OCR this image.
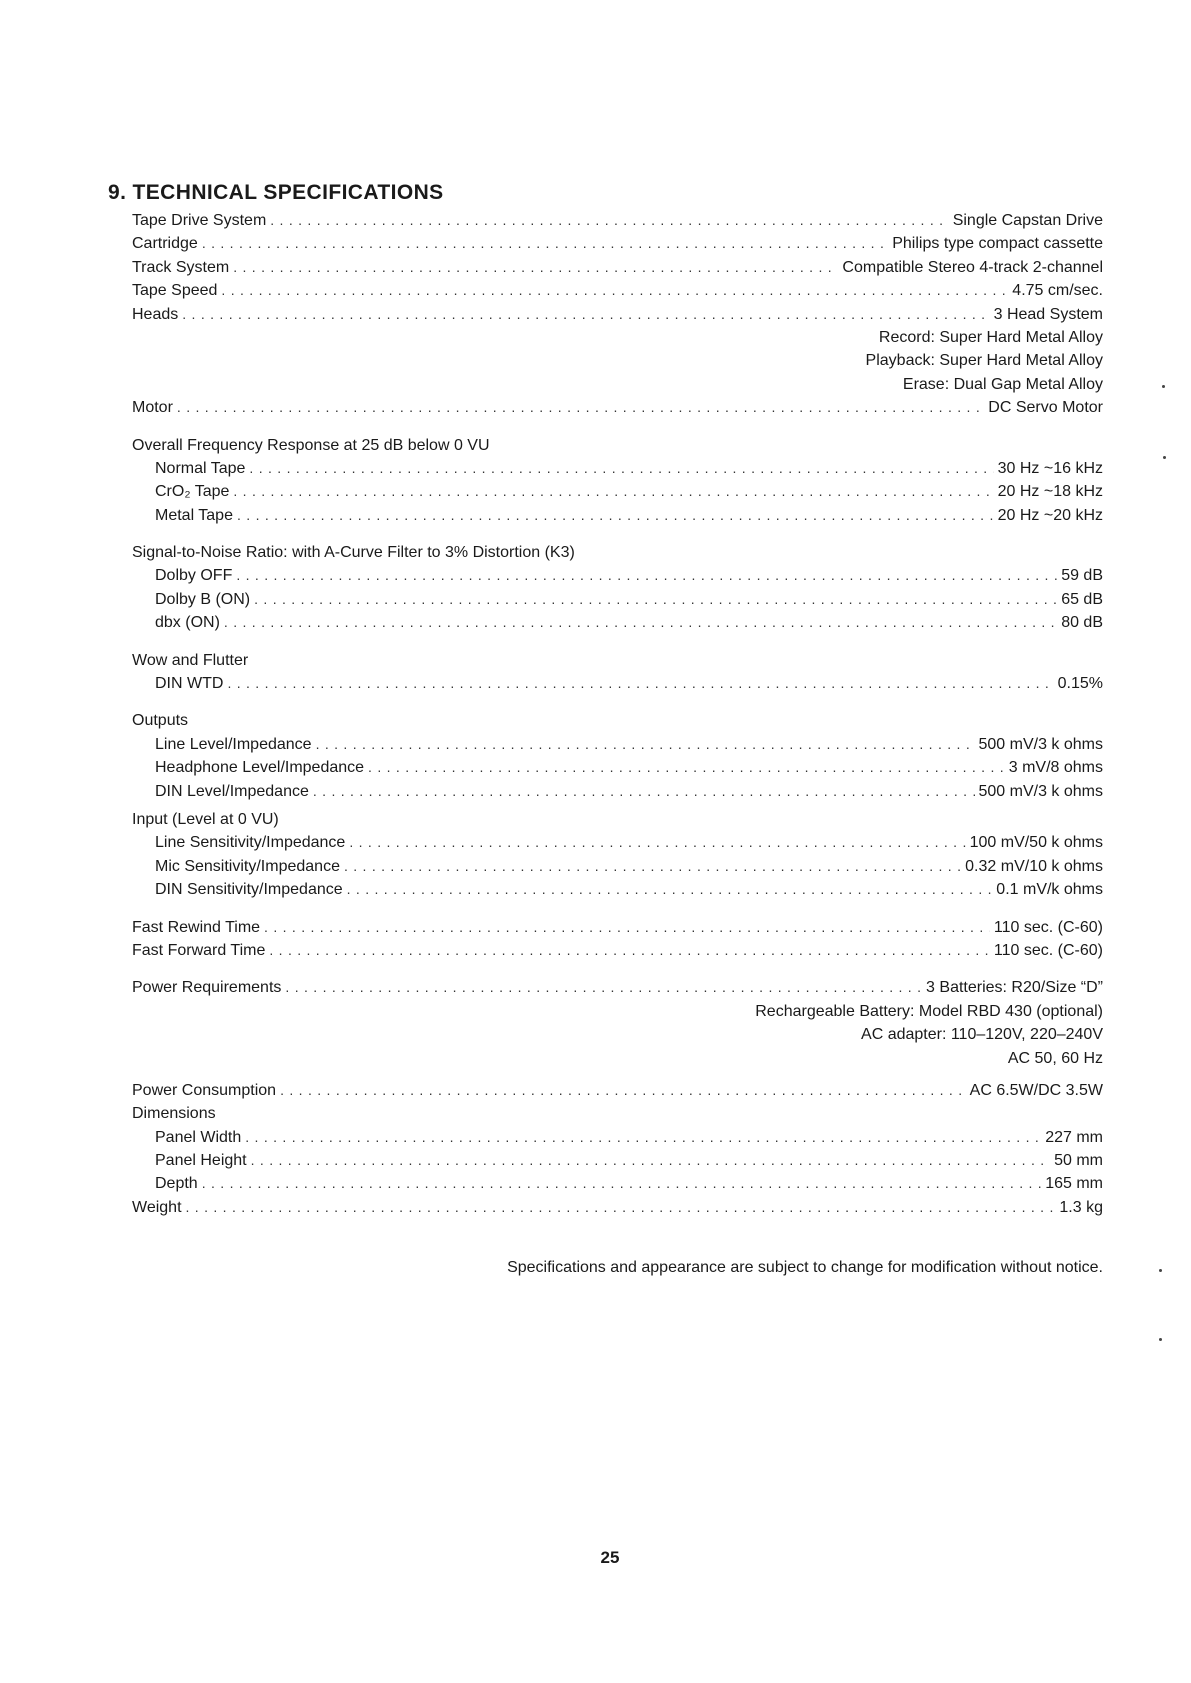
9. TECHNICAL SPECIFICATIONS
Tape Drive System .....	Single Capstan Drive
Cartridge .....	Philips type compact cassette
Track System .....	Compatible Stereo 4-track 2-channel
Tape Speed .....	4.75 cm/sec.
Heads .....	3 Head System
Record: Super Hard Metal Alloy
Playback: Super Hard Metal Alloy
Erase: Dual Gap Metal Alloy
Motor .....	DC Servo Motor
Overall Frequency Response at 25 dB below 0 VU
Normal Tape .....	30 Hz ~16 kHz
CrO₂ Tape .....	20 Hz ~18 kHz
Metal Tape .....	20 Hz ~20 kHz
Signal-to-Noise Ratio: with A-Curve Filter to 3% Distortion (K3)
Dolby OFF .....	59 dB
Dolby B (ON) .....	65 dB
dbx (ON) .....	80 dB
Wow and Flutter
DIN WTD .....	0.15%
Outputs
Line Level/Impedance .....	500 mV/3 k ohms
Headphone Level/Impedance .....	3 mV/8 ohms
DIN Level/Impedance .....	500 mV/3 k ohms
Input (Level at 0 VU)
Line Sensitivity/Impedance .....	100 mV/50 k ohms
Mic Sensitivity/Impedance .....	0.32 mV/10 k ohms
DIN Sensitivity/Impedance .....	0.1 mV/k ohms
Fast Rewind Time .....	110 sec. (C-60)
Fast Forward Time .....	110 sec. (C-60)
Power Requirements .....	3 Batteries: R20/Size “D”
Rechargeable Battery: Model RBD 430 (optional)
AC adapter: 110–120V, 220–240V
AC 50, 60 Hz
Power Consumption .....	AC 6.5W/DC 3.5W
Dimensions
Panel Width .....	227 mm
Panel Height .....	50 mm
Depth .....	165 mm
Weight .....	1.3 kg
Specifications and appearance are subject to change for modification without notice.
25
